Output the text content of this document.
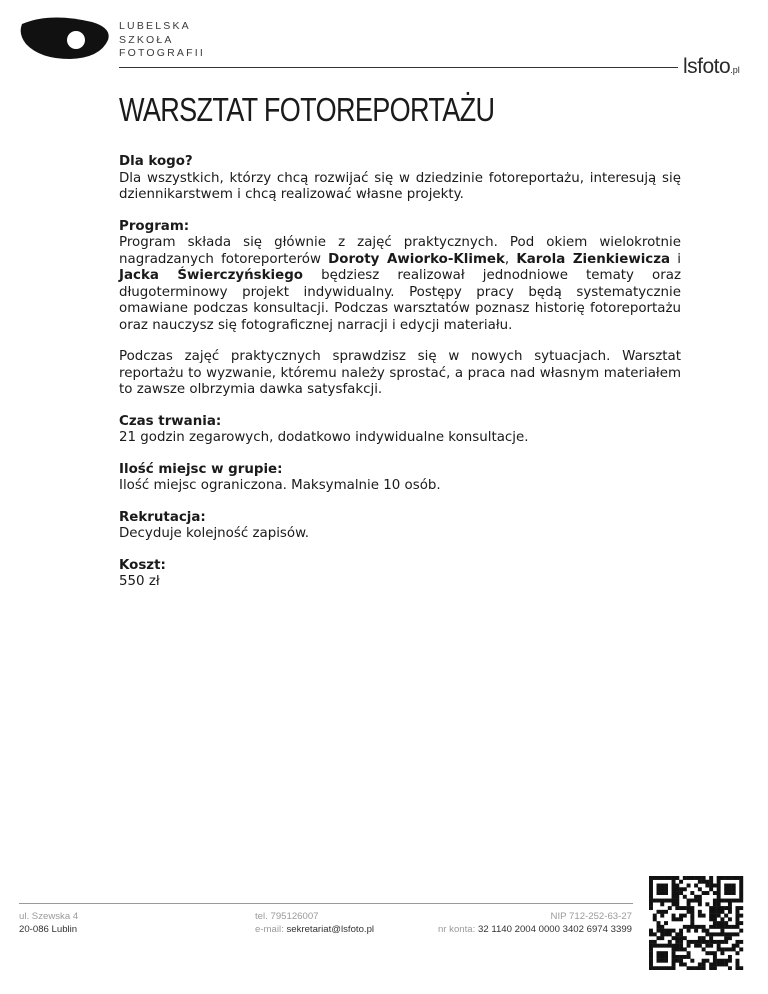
LUBELSKA
SZKOŁA
FOTOGRAFII
lsfoto.pl
WARSZTAT FOTOREPORTAŻU
Dla kogo?
Dla wszystkich, którzy chcą rozwijać się w dziedzinie fotoreportażu, interesują się dziennikarstwem i chcą realizować własne projekty.
Program:
Program składa się głównie z zajęć praktycznych. Pod okiem wielokrotnie nagradzanych fotoreporterów Doroty Awiorko-Klimek, Karola Zienkiewicza i Jacka Świerczyńskiego będziesz realizował jednodniowe tematy oraz długoterminowy projekt indywidualny. Postępy pracy będą systematycznie omawiane podczas konsultacji. Podczas warsztatów poznasz historię fotoreportażu oraz nauczysz się fotograficznej narracji i edycji materiału.
Podczas zajęć praktycznych sprawdzisz się w nowych sytuacjach. Warsztat reportażu to wyzwanie, któremu należy sprostać, a praca nad własnym materiałem to zawsze olbrzymia dawka satysfakcji.
Czas trwania:
21 godzin zegarowych, dodatkowo indywidualne konsultacje.
Ilość miejsc w grupie:
Ilość miejsc ograniczona. Maksymalnie 10 osób.
Rekrutacja:
Decyduje kolejność zapisów.
Koszt:
550 zł
ul. Szewska 4
20-086 Lublin
tel. 795126007
e-mail: sekretariat@lsfoto.pl
NIP 712-252-63-27
nr konta: 32 1140 2004 0000 3402 6974 3399
